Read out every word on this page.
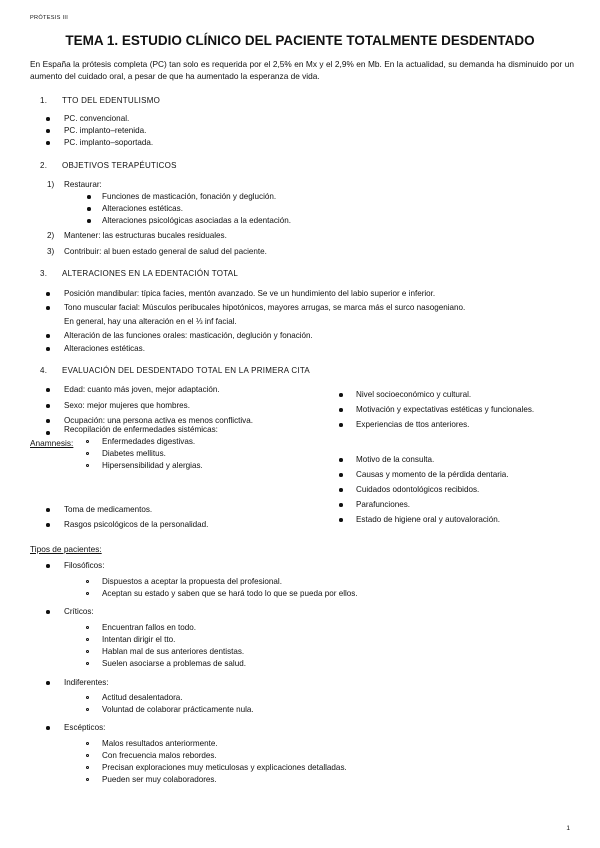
PRÓTESIS III
TEMA 1. ESTUDIO CLÍNICO DEL PACIENTE TOTALMENTE DESDENTADO
En España la prótesis completa (PC) tan solo es requerida por el 2,5% en Mx y el 2,9% en Mb. En la actualidad, su demanda ha disminuido por un aumento del cuidado oral, a pesar de que ha aumentado la esperanza de vida.
1. TTO DEL EDENTULISMO
PC. convencional.
PC. implanto–retenida.
PC. implanto–soportada.
2. OBJETIVOS TERAPÉUTICOS
1) Restaurar:
Funciones de masticación, fonación y deglución.
Alteraciones estéticas.
Alteraciones psicológicas asociadas a la edentación.
2) Mantener: las estructuras bucales residuales.
3) Contribuir: al buen estado general de salud del paciente.
3. ALTERACIONES EN LA EDENTACIÓN TOTAL
Posición mandibular: típica facies, mentón avanzado. Se ve un hundimiento del labio superior e inferior.
Tono muscular facial: Músculos peribucales hipotónicos, mayores arrugas, se marca más el surco nasogeniano.
En general, hay una alteración en el ⅓ inf facial.
Alteración de las funciones orales: masticación, deglución y fonación.
Alteraciones estéticas.
4. EVALUACIÓN DEL DESDENTADO TOTAL EN LA PRIMERA CITA
Edad: cuanto más joven, mejor adaptación.
Sexo: mejor mujeres que hombres.
Ocupación: una persona activa es menos conflictiva.
Nivel socioeconómico y cultural.
Motivación y expectativas estéticas y funcionales.
Experiencias de ttos anteriores.
Anamnesis:
Recopilación de enfermedades sistémicas:
Enfermedades digestivas.
Diabetes mellitus.
Hipersensibilidad y alergias.
Toma de medicamentos.
Rasgos psicológicos de la personalidad.
Motivo de la consulta.
Causas y momento de la pérdida dentaria.
Cuidados odontológicos recibidos.
Parafunciones.
Estado de higiene oral y autovaloración.
Tipos de pacientes:
Filosóficos:
Dispuestos a aceptar la propuesta del profesional.
Aceptan su estado y saben que se hará todo lo que se pueda por ellos.
Críticos:
Encuentran fallos en todo.
Intentan dirigir el tto.
Hablan mal de sus anteriores dentistas.
Suelen asociarse a problemas de salud.
Indiferentes:
Actitud desalentadora.
Voluntad de colaborar prácticamente nula.
Escépticos:
Malos resultados anteriormente.
Con frecuencia malos rebordes.
Precisan exploraciones muy meticulosas y explicaciones detalladas.
Pueden ser muy colaboradores.
1
